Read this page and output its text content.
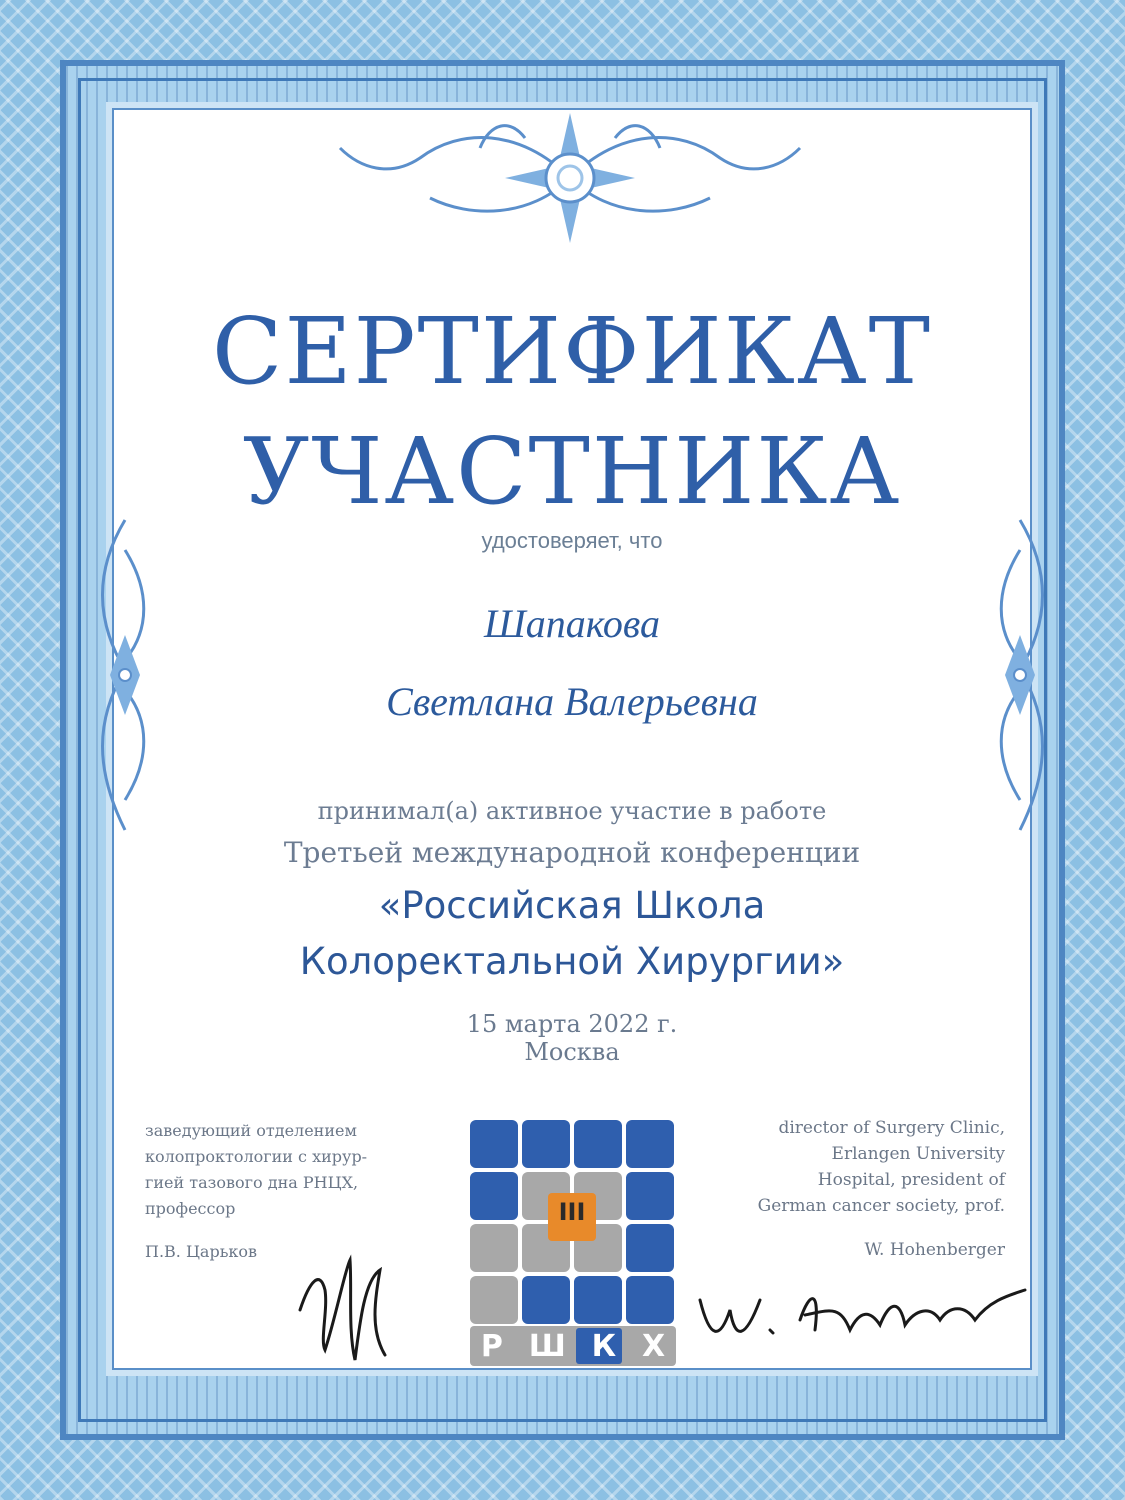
СЕРТИФИКАТ
УЧАСТНИКА
удостоверяет, что
Шапакова
Светлана Валерьевна
принимал(а) активное участие в работе
Третьей международной конференции
«Российская Школа
Колоректальной Хирургии»
15 марта 2022 г.
Москва
заведующий отделением
колопроктологии с хирур-
гией тазового дна РНЦХ,
профессор
П.В. Царьков
director of Surgery Clinic,
Erlangen University
Hospital, president of
German cancer society, prof.
W. Hohenberger
Р Ш К Х
III
